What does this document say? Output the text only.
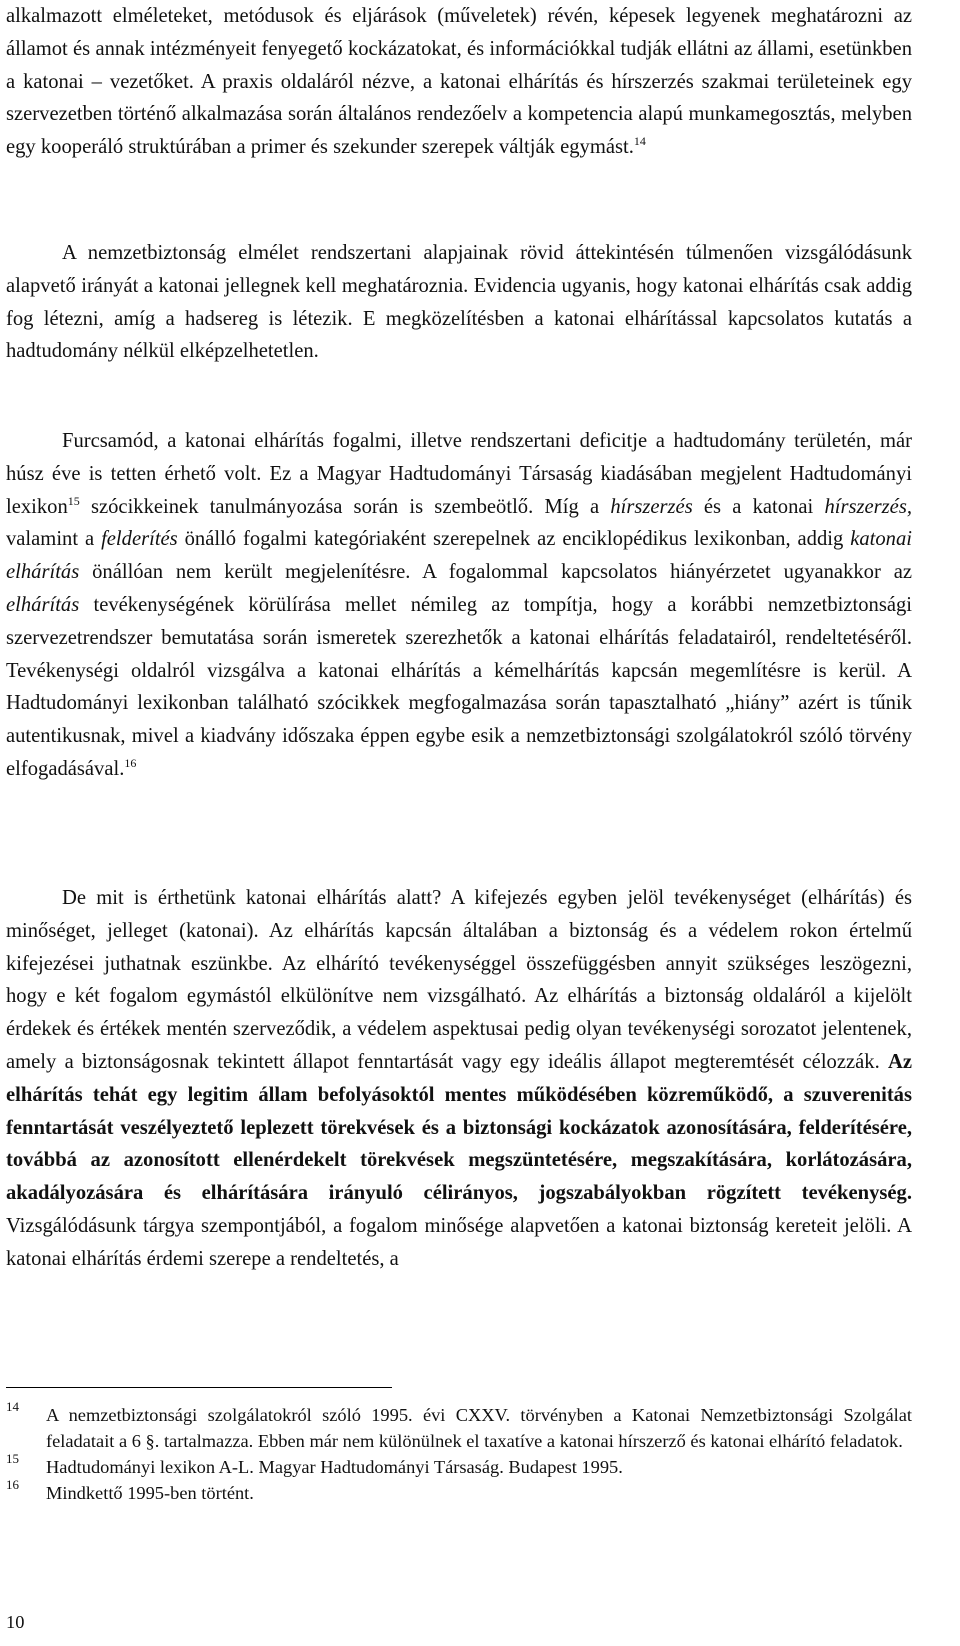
alkalmazott elméleteket, metódusok és eljárások (műveletek) révén, képesek legyenek meghatározni az államot és annak intézményeit fenyegető kockázatokat, és információkkal tudják ellátni az állami, esetünkben a katonai – vezetőket. A praxis oldaláról nézve, a katonai elhárítás és hírszerzés szakmai területeinek egy szervezetben történő alkalmazása során általános rendezőelv a kompetencia alapú munkamegosztás, melyben egy kooperáló struktúrában a primer és szekunder szerepek váltják egymást.$^{14}$

A nemzetbiztonság elmélet rendszertani alapjainak rövid áttekintésén túlmenően vizsgálódásunk alapvető irányát a katonai jellegnek kell meghatároznia. Evidencia ugyanis, hogy katonai elhárítás csak addig fog létezni, amíg a hadsereg is létezik. E megközelítésben a katonai elhárítással kapcsolatos kutatás a hadtudomány nélkül elképzelhetetlen.

Furcsamód, a katonai elhárítás fogalmi, illetve rendszertani deficitje a hadtudomány területén, már húsz éve is tetten érhető volt. Ez a Magyar Hadtudományi Társaság kiadásában megjelent Hadtudományi lexikon$^{15}$ szócikkeinek tanulmányozása során is szembeötlő. Míg a hírszerzés és a katonai hírszerzés, valamint a felderítés önálló fogalmi kategóriaként szerepelnek az enciklopédikus lexikonban, addig katonai elhárítás önállóan nem került megjelenítésre. A fogalommal kapcsolatos hiányérzetet ugyanakkor az elhárítás tevékenységének körülírása mellet némileg az tompítja, hogy a korábbi nemzetbiztonsági szervezetrendszer bemutatása során ismeretek szerezhetők a katonai elhárítás feladatairól, rendeltetéséről. Tevékenységi oldalról vizsgálva a katonai elhárítás a kémelhárítás kapcsán megemlítésre is kerül. A Hadtudományi lexikonban található szócikkek megfogalmazása során tapasztalható „hiány” azért is tűnik autentikusnak, mivel a kiadvány időszaka éppen egybe esik a nemzetbiztonsági szolgálatokról szóló törvény elfogadásával.$^{16}$

De mit is érthetünk katonai elhárítás alatt? A kifejezés egyben jelöl tevékenységet (elhárítás) és minőséget, jelleget (katonai). Az elhárítás kapcsán általában a biztonság és a védelem rokon értelmű kifejezései juthatnak eszünkbe. Az elhárító tevékenységgel összefüggésben annyit szükséges leszögezni, hogy e két fogalom egymástól elkülönítve nem vizsgálható. Az elhárítás a biztonság oldaláról a kijelölt érdekek és értékek mentén szerveződik, a védelem aspektusai pedig olyan tevékenységi sorozatot jelentenek, amely a biztonságosnak tekintett állapot fenntartását vagy egy ideális állapot megteremtését célozzák. Az elhárítás tehát egy legitim állam befolyásoktól mentes működésében közreműködő, a szuverenitás fenntartását veszélyeztető leplezett törekvések és a biztonsági kockázatok azonosítására, felderítésére, továbbá az azonosított ellenérdekelt törekvések megszüntetésére, megszakítására, korlátozására, akadályozására és elhárítására irányuló célirányos, jogszabályokban rögzített tevékenység. Vizsgálódásunk tárgya szempontjából, a fogalom minősége alapvetően a katonai biztonság kereteit jelöli. A katonai elhárítás érdemi szerepe a rendeltetés, a

14 A nemzetbiztonsági szolgálatokról szóló 1995. évi CXXV. törvényben a Katonai Nemzetbiztonsági Szolgálat feladatait a 6 §. tartalmazza. Ebben már nem különülnek el taxatíve a katonai hírszerző és katonai elhárító feladatok.

15 Hadtudományi lexikon A-L. Magyar Hadtudományi Társaság. Budapest 1995.

16 Mindkettő 1995-ben történt.

10
